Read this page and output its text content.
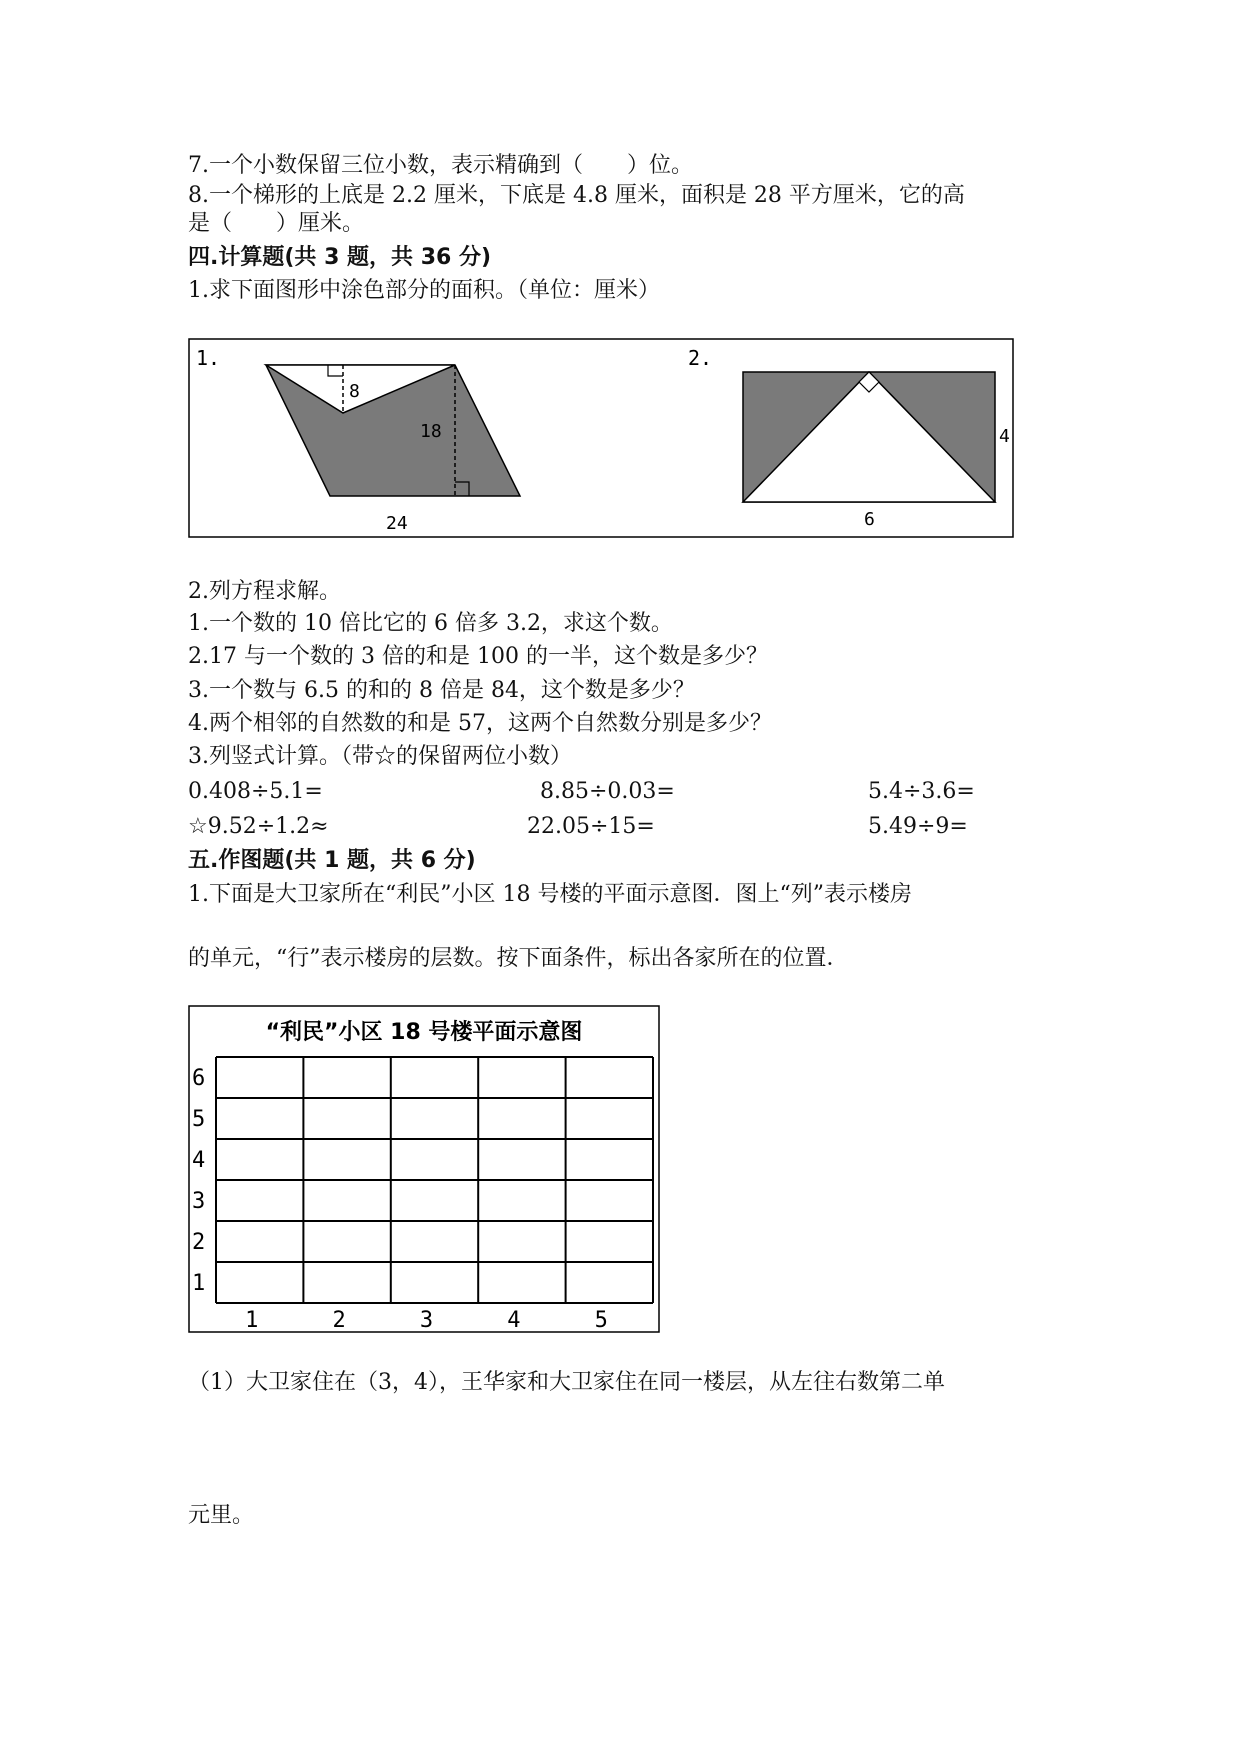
7.一个小数保留三位小数，表示精确到（　　）位。
8.一个梯形的上底是 2.2 厘米，下底是 4.8 厘米，面积是 28 平方厘米，它的高
是（　　）厘米。
四.计算题(共 3 题，共 36 分)
1.求下面图形中涂色部分的面积。（单位：厘米）
1.
8
18
24
2.
4
6
2.列方程求解。
1.一个数的 10 倍比它的 6 倍多 3.2，求这个数。
2.17 与一个数的 3 倍的和是 100 的一半，这个数是多少？
3.一个数与 6.5 的和的 8 倍是 84，这个数是多少？
4.两个相邻的自然数的和是 57，这两个自然数分别是多少？
3.列竖式计算。（带☆的保留两位小数）
0.408÷5.1=	8.85÷0.03=	5.4÷3.6=
☆9.52÷1.2≈	22.05÷15=	5.49÷9=
五.作图题(共 1 题，共 6 分)
1.下面是大卫家所在“利民”小区 18 号楼的平面示意图．图上“列”表示楼房
的单元，“行”表示楼房的层数。按下面条件，标出各家所在的位置．
“利民”小区 18 号楼平面示意图
6
5
4
3
2
1
1	2	3	4	5
（1）大卫家住在（3，4），王华家和大卫家住在同一楼层，从左往右数第二单
元里。
